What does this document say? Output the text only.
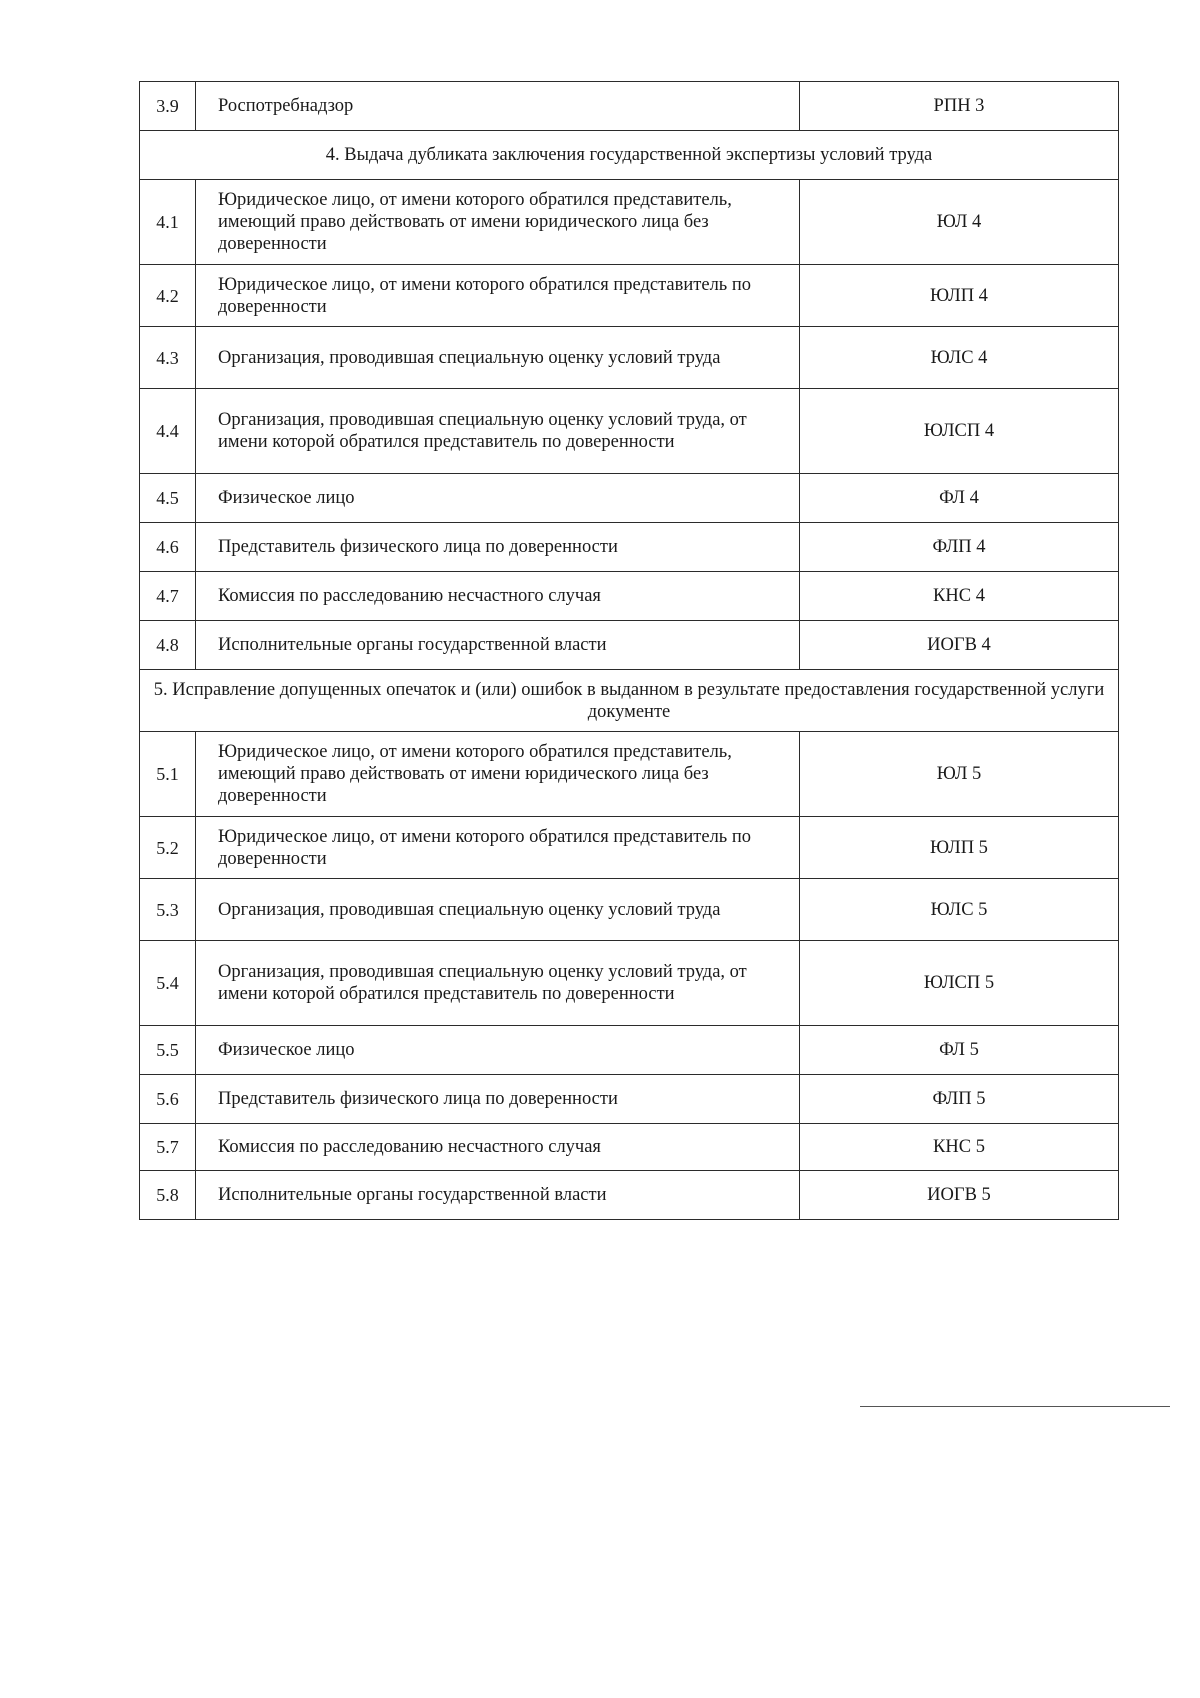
3.9	Роспотребнадзор	РПН 3
4. Выдача дубликата заключения государственной экспертизы условий труда		
4.1	Юридическое лицо, от имени которого обратился представитель, имеющий право действовать от имени юридического лица без доверенности	ЮЛ 4
4.2	Юридическое лицо, от имени которого обратился представитель по доверенности	ЮЛП 4
4.3	Организация, проводившая специальную оценку условий труда	ЮЛС 4
4.4	Организация, проводившая специальную оценку условий труда, от имени которой обратился представитель по доверенности	ЮЛСП 4
4.5	Физическое лицо	ФЛ 4
4.6	Представитель физического лица по доверенности	ФЛП 4
4.7	Комиссия по расследованию несчастного случая	КНС 4
4.8	Исполнительные органы государственной власти	ИОГВ 4
5. Исправление допущенных опечаток и (или) ошибок в выданном в результате предоставления государственной услуги документе		
5.1	Юридическое лицо, от имени которого обратился представитель, имеющий право действовать от имени юридического лица без доверенности	ЮЛ 5
5.2	Юридическое лицо, от имени которого обратился представитель по доверенности	ЮЛП 5
5.3	Организация, проводившая специальную оценку условий труда	ЮЛС 5
5.4	Организация, проводившая специальную оценку условий труда, от имени которой обратился представитель по доверенности	ЮЛСП 5
5.5	Физическое лицо	ФЛ 5
5.6	Представитель физического лица по доверенности	ФЛП 5
5.7	Комиссия по расследованию несчастного случая	КНС 5
5.8	Исполнительные органы государственной власти	ИОГВ 5
